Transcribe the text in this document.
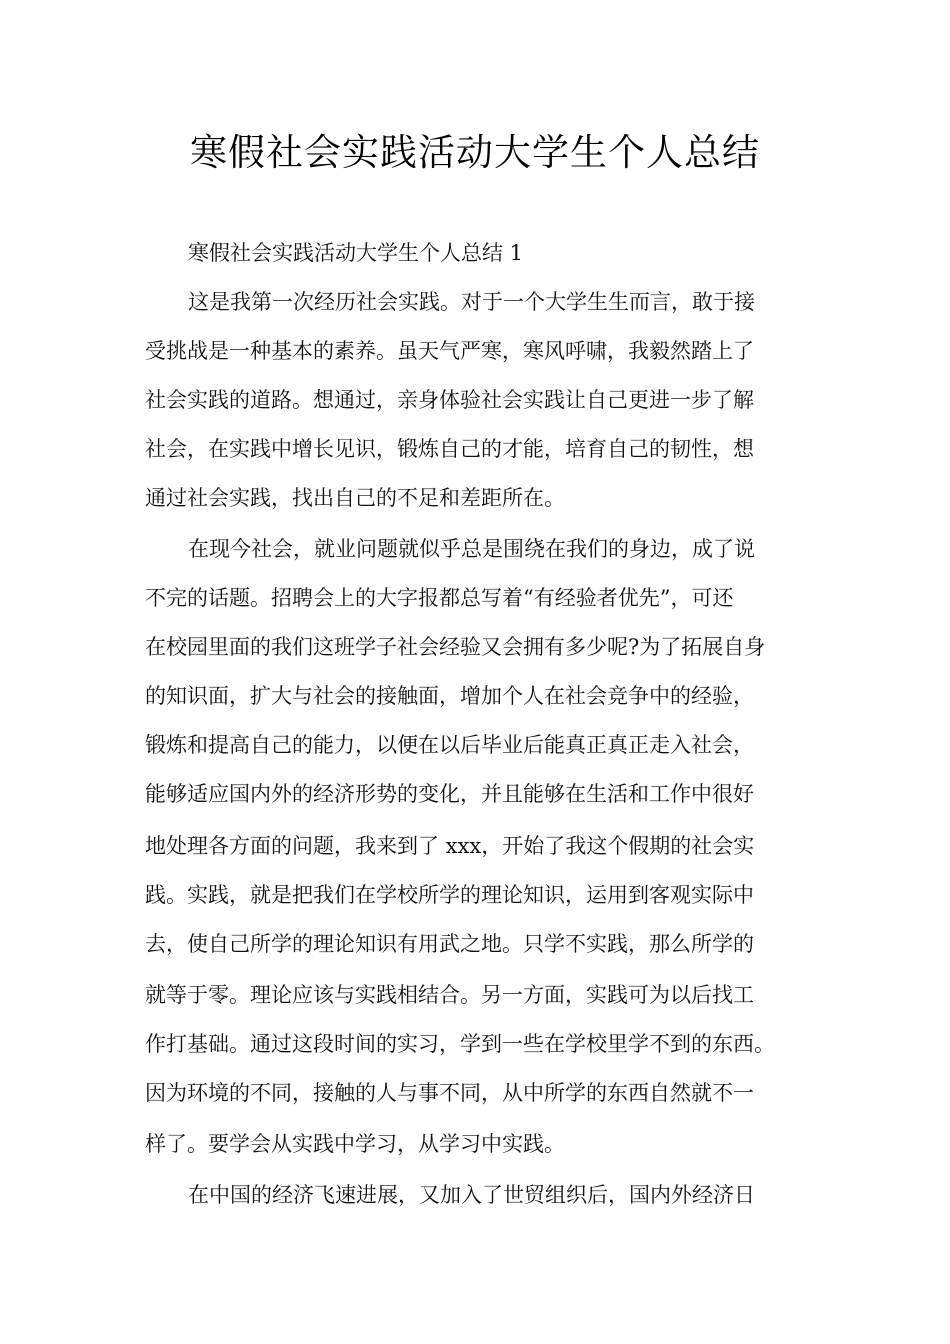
寒假社会实践活动大学生个人总结
寒假社会实践活动大学生个人总结 1
这是我第一次经历社会实践。对于一个大学生生而言，敢于接
受挑战是一种基本的素养。虽天气严寒，寒风呼啸，我毅然踏上了
社会实践的道路。想通过，亲身体验社会实践让自己更进一步了解
社会，在实践中增长见识，锻炼自己的才能，培育自己的韧性，想
通过社会实践，找出自己的不足和差距所在。
在现今社会，就业问题就似乎总是围绕在我们的身边，成了说
不完的话题。招聘会上的大字报都总写着“有经验者优先”，可还
在校园里面的我们这班学子社会经验又会拥有多少呢?为了拓展自身
的知识面，扩大与社会的接触面，增加个人在社会竞争中的经验，
锻炼和提高自己的能力，以便在以后毕业后能真正真正走入社会，
能够适应国内外的经济形势的变化，并且能够在生活和工作中很好
地处理各方面的问题，我来到了 xxx，开始了我这个假期的社会实
践。实践，就是把我们在学校所学的理论知识，运用到客观实际中
去，使自己所学的理论知识有用武之地。只学不实践，那么所学的
就等于零。理论应该与实践相结合。另一方面，实践可为以后找工
作打基础。通过这段时间的实习，学到一些在学校里学不到的东西。
因为环境的不同，接触的人与事不同，从中所学的东西自然就不一
样了。要学会从实践中学习，从学习中实践。
在中国的经济飞速进展，又加入了世贸组织后，国内外经济日
